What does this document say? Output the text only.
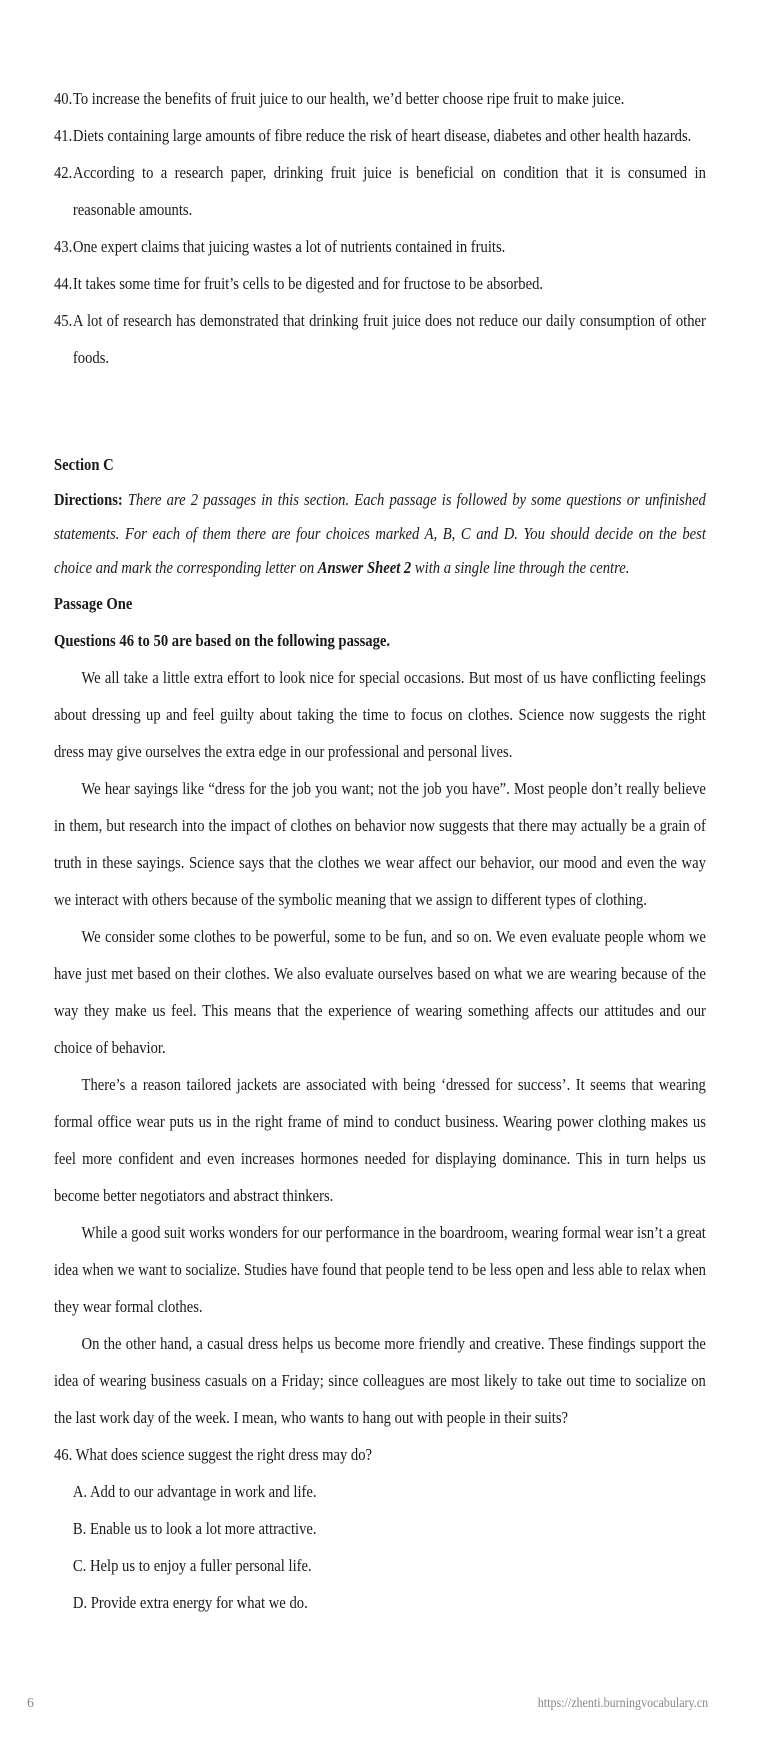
40. To increase the benefits of fruit juice to our health, we’d better choose ripe fruit to make juice.
41. Diets containing large amounts of fibre reduce the risk of heart disease, diabetes and other health hazards.
42. According to a research paper, drinking fruit juice is beneficial on condition that it is consumed in reasonable amounts.
43. One expert claims that juicing wastes a lot of nutrients contained in fruits.
44. It takes some time for fruit’s cells to be digested and for fructose to be absorbed.
45. A lot of research has demonstrated that drinking fruit juice does not reduce our daily consumption of other foods.
Section C
Directions: There are 2 passages in this section. Each passage is followed by some questions or unfinished statements. For each of them there are four choices marked A, B, C and D. You should decide on the best choice and mark the corresponding letter on Answer Sheet 2 with a single line through the centre.
Passage One
Questions 46 to 50 are based on the following passage.

We all take a little extra effort to look nice for special occasions. But most of us have conflicting feelings about dressing up and feel guilty about taking the time to focus on clothes. Science now suggests the right dress may give ourselves the extra edge in our professional and personal lives.

We hear sayings like “dress for the job you want; not the job you have”. Most people don’t really believe in them, but research into the impact of clothes on behavior now suggests that there may actually be a grain of truth in these sayings. Science says that the clothes we wear affect our behavior, our mood and even the way we interact with others because of the symbolic meaning that we assign to different types of clothing.

We consider some clothes to be powerful, some to be fun, and so on. We even evaluate people whom we have just met based on their clothes. We also evaluate ourselves based on what we are wearing because of the way they make us feel. This means that the experience of wearing something affects our attitudes and our choice of behavior.

There’s a reason tailored jackets are associated with being ‘dressed for success’. It seems that wearing formal office wear puts us in the right frame of mind to conduct business. Wearing power clothing makes us feel more confident and even increases hormones needed for displaying dominance. This in turn helps us become better negotiators and abstract thinkers.

While a good suit works wonders for our performance in the boardroom, wearing formal wear isn’t a great idea when we want to socialize. Studies have found that people tend to be less open and less able to relax when they wear formal clothes.

On the other hand, a casual dress helps us become more friendly and creative. These findings support the idea of wearing business casuals on a Friday; since colleagues are most likely to take out time to socialize on the last work day of the week. I mean, who wants to hang out with people in their suits?

46. What does science suggest the right dress may do?

A. Add to our advantage in work and life.

B. Enable us to look a lot more attractive.

C. Help us to enjoy a fuller personal life.

D. Provide extra energy for what we do.

6	https://zhenti.burningvocabulary.cn
